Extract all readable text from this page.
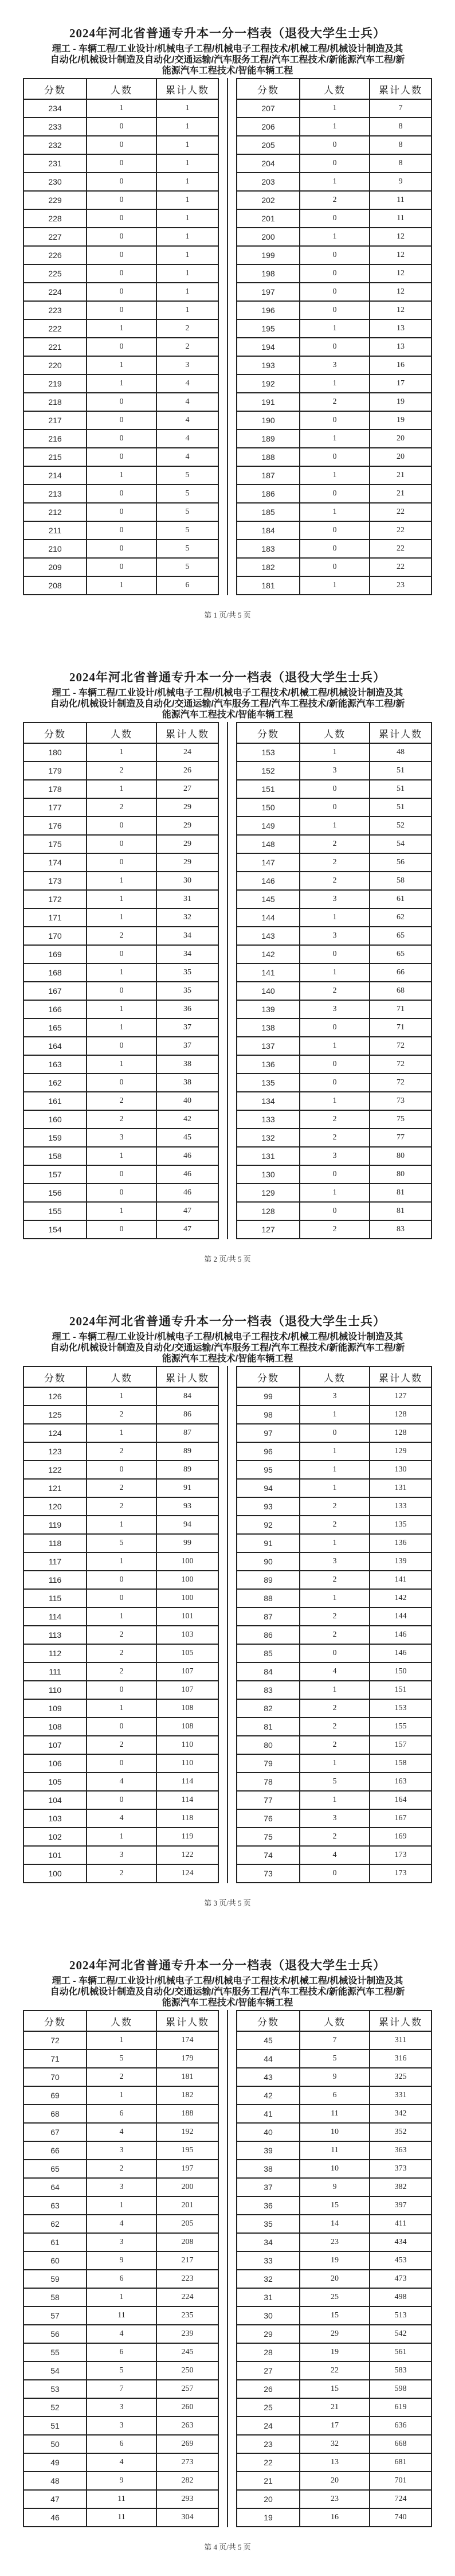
2024年河北省普通专升本一分一档表（退役大学生士兵）
理工 - 车辆工程/工业设计/机械电子工程/机械电子工程技术/机械工程/机械设计制造及其
自动化/机械设计制造及自动化/交通运输/汽车服务工程/汽车工程技术/新能源汽车工程/新
能源汽车工程技术/智能车辆工程
分数	人数	累计人数
234	1	1
233	0	1
232	0	1
231	0	1
230	0	1
229	0	1
228	0	1
227	0	1
226	0	1
225	0	1
224	0	1
223	0	1
222	1	2
221	0	2
220	1	3
219	1	4
218	0	4
217	0	4
216	0	4
215	0	4
214	1	5
213	0	5
212	0	5
211	0	5
210	0	5
209	0	5
208	1	6
分数	人数	累计人数
207	1	7
206	1	8
205	0	8
204	0	8
203	1	9
202	2	11
201	0	11
200	1	12
199	0	12
198	0	12
197	0	12
196	0	12
195	1	13
194	0	13
193	3	16
192	1	17
191	2	19
190	0	19
189	1	20
188	0	20
187	1	21
186	0	21
185	1	22
184	0	22
183	0	22
182	0	22
181	1	23
第 1 页/共 5 页
2024年河北省普通专升本一分一档表（退役大学生士兵）
理工 - 车辆工程/工业设计/机械电子工程/机械电子工程技术/机械工程/机械设计制造及其
自动化/机械设计制造及自动化/交通运输/汽车服务工程/汽车工程技术/新能源汽车工程/新
能源汽车工程技术/智能车辆工程
分数	人数	累计人数
180	1	24
179	2	26
178	1	27
177	2	29
176	0	29
175	0	29
174	0	29
173	1	30
172	1	31
171	1	32
170	2	34
169	0	34
168	1	35
167	0	35
166	1	36
165	1	37
164	0	37
163	1	38
162	0	38
161	2	40
160	2	42
159	3	45
158	1	46
157	0	46
156	0	46
155	1	47
154	0	47
分数	人数	累计人数
153	1	48
152	3	51
151	0	51
150	0	51
149	1	52
148	2	54
147	2	56
146	2	58
145	3	61
144	1	62
143	3	65
142	0	65
141	1	66
140	2	68
139	3	71
138	0	71
137	1	72
136	0	72
135	0	72
134	1	73
133	2	75
132	2	77
131	3	80
130	0	80
129	1	81
128	0	81
127	2	83
第 2 页/共 5 页
2024年河北省普通专升本一分一档表（退役大学生士兵）
理工 - 车辆工程/工业设计/机械电子工程/机械电子工程技术/机械工程/机械设计制造及其
自动化/机械设计制造及自动化/交通运输/汽车服务工程/汽车工程技术/新能源汽车工程/新
能源汽车工程技术/智能车辆工程
分数	人数	累计人数
126	1	84
125	2	86
124	1	87
123	2	89
122	0	89
121	2	91
120	2	93
119	1	94
118	5	99
117	1	100
116	0	100
115	0	100
114	1	101
113	2	103
112	2	105
111	2	107
110	0	107
109	1	108
108	0	108
107	2	110
106	0	110
105	4	114
104	0	114
103	4	118
102	1	119
101	3	122
100	2	124
分数	人数	累计人数
99	3	127
98	1	128
97	0	128
96	1	129
95	1	130
94	1	131
93	2	133
92	2	135
91	1	136
90	3	139
89	2	141
88	1	142
87	2	144
86	2	146
85	0	146
84	4	150
83	1	151
82	2	153
81	2	155
80	2	157
79	1	158
78	5	163
77	1	164
76	3	167
75	2	169
74	4	173
73	0	173
第 3 页/共 5 页
2024年河北省普通专升本一分一档表（退役大学生士兵）
理工 - 车辆工程/工业设计/机械电子工程/机械电子工程技术/机械工程/机械设计制造及其
自动化/机械设计制造及自动化/交通运输/汽车服务工程/汽车工程技术/新能源汽车工程/新
能源汽车工程技术/智能车辆工程
分数	人数	累计人数
72	1	174
71	5	179
70	2	181
69	1	182
68	6	188
67	4	192
66	3	195
65	2	197
64	3	200
63	1	201
62	4	205
61	3	208
60	9	217
59	6	223
58	1	224
57	11	235
56	4	239
55	6	245
54	5	250
53	7	257
52	3	260
51	3	263
50	6	269
49	4	273
48	9	282
47	11	293
46	11	304
分数	人数	累计人数
45	7	311
44	5	316
43	9	325
42	6	331
41	11	342
40	10	352
39	11	363
38	10	373
37	9	382
36	15	397
35	14	411
34	23	434
33	19	453
32	20	473
31	25	498
30	15	513
29	29	542
28	19	561
27	22	583
26	15	598
25	21	619
24	17	636
23	32	668
22	13	681
21	20	701
20	23	724
19	16	740
第 4 页/共 5 页
